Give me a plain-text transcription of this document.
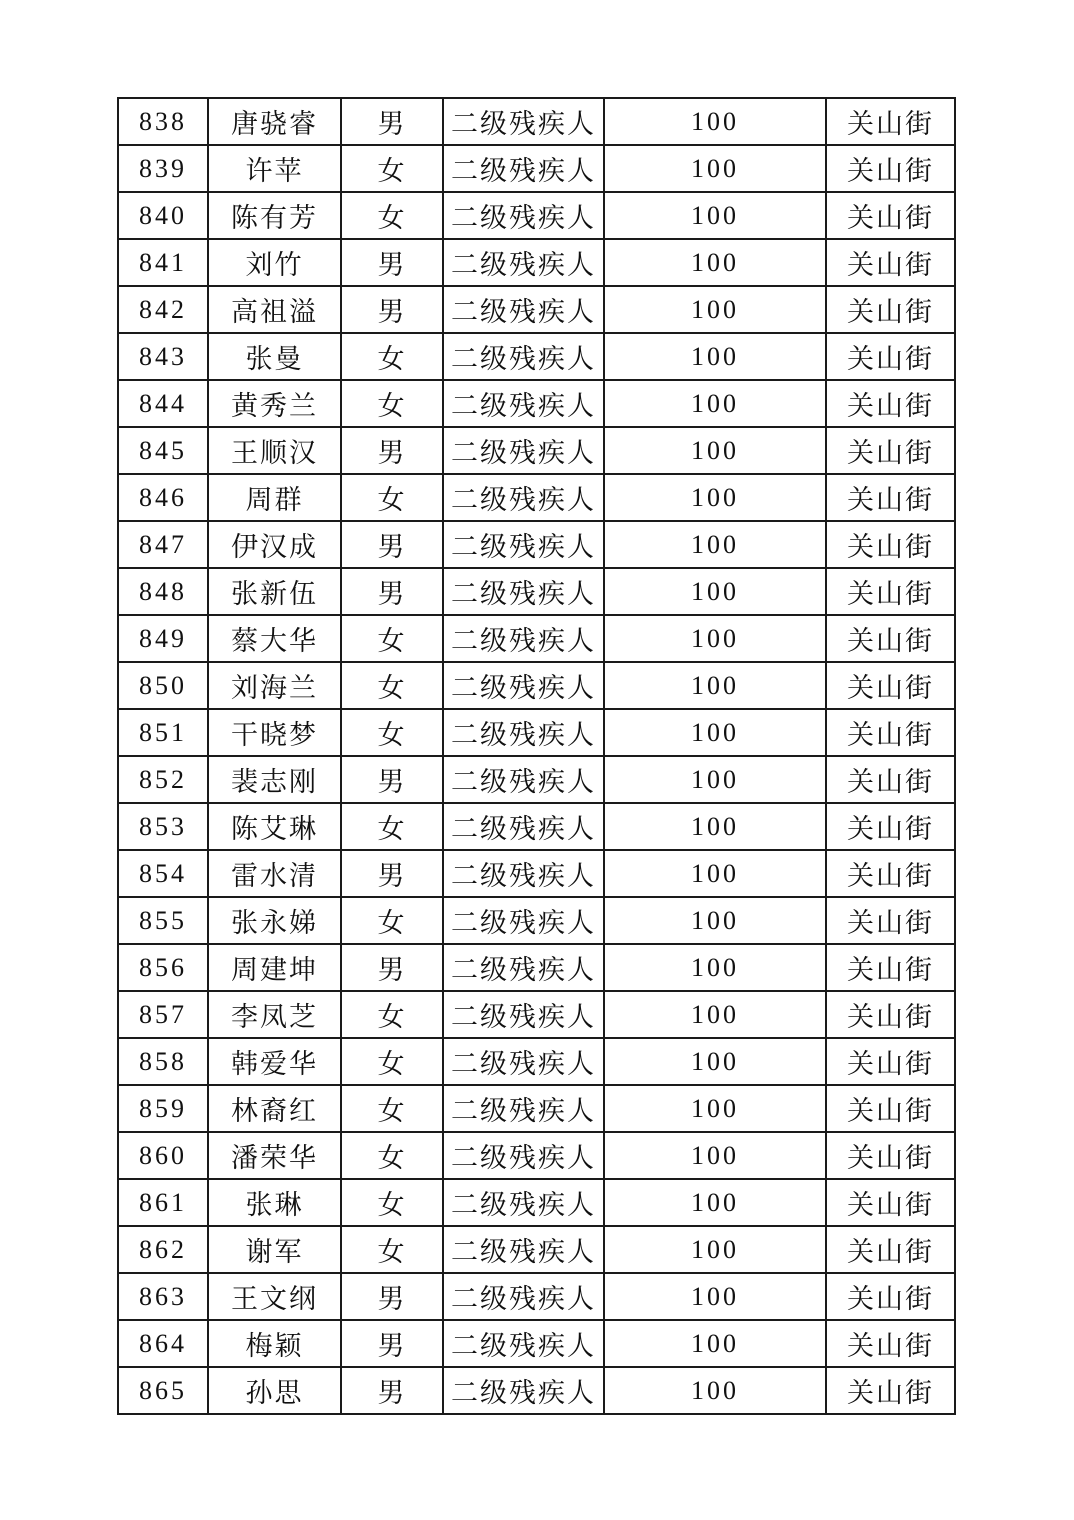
838	唐骁睿	男	二级残疾人	100	关山街
839	许苹	女	二级残疾人	100	关山街
840	陈有芳	女	二级残疾人	100	关山街
841	刘竹	男	二级残疾人	100	关山街
842	高祖溢	男	二级残疾人	100	关山街
843	张曼	女	二级残疾人	100	关山街
844	黄秀兰	女	二级残疾人	100	关山街
845	王顺汉	男	二级残疾人	100	关山街
846	周群	女	二级残疾人	100	关山街
847	伊汉成	男	二级残疾人	100	关山街
848	张新伍	男	二级残疾人	100	关山街
849	蔡大华	女	二级残疾人	100	关山街
850	刘海兰	女	二级残疾人	100	关山街
851	干晓梦	女	二级残疾人	100	关山街
852	裴志刚	男	二级残疾人	100	关山街
853	陈艾琳	女	二级残疾人	100	关山街
854	雷水清	男	二级残疾人	100	关山街
855	张永娣	女	二级残疾人	100	关山街
856	周建坤	男	二级残疾人	100	关山街
857	李凤芝	女	二级残疾人	100	关山街
858	韩爱华	女	二级残疾人	100	关山街
859	林裔红	女	二级残疾人	100	关山街
860	潘荣华	女	二级残疾人	100	关山街
861	张琳	女	二级残疾人	100	关山街
862	谢军	女	二级残疾人	100	关山街
863	王文纲	男	二级残疾人	100	关山街
864	梅颖	男	二级残疾人	100	关山街
865	孙思	男	二级残疾人	100	关山街
